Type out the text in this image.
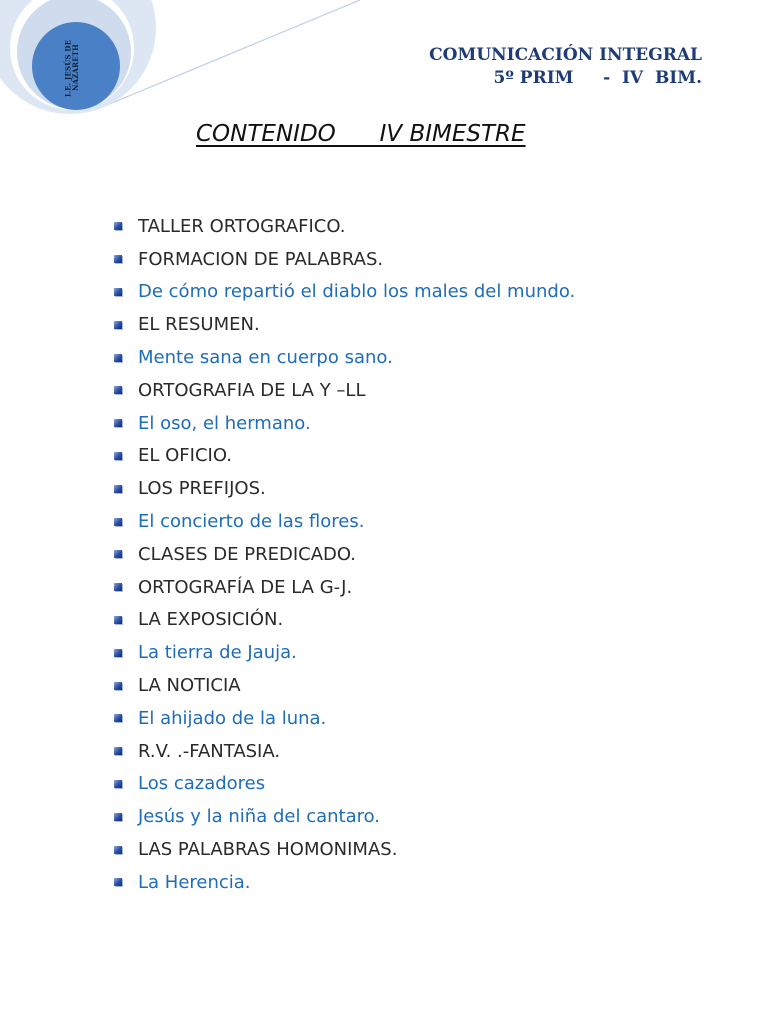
I.E. JESÚS DE NAZARETH	COMUNICACIÓN INTEGRAL
5º PRIM     -  IV  BIM.
CONTENIDO      IV BIMESTRE
TALLER ORTOGRAFICO.
FORMACION DE PALABRAS.
De cómo repartió el diablo los males del mundo.
EL RESUMEN.
Mente sana en cuerpo sano.
ORTOGRAFIA DE LA Y –LL
El oso, el hermano.
EL OFICIO.
LOS PREFIJOS.
El concierto de las flores.
CLASES DE PREDICADO.
ORTOGRAFÍA DE LA G-J.
LA EXPOSICIÓN.
La tierra de Jauja.
LA NOTICIA
El ahijado de la luna.
R.V. .-FANTASIA.
Los cazadores
Jesús y la niña del cantaro.
LAS PALABRAS HOMONIMAS.
La Herencia.
